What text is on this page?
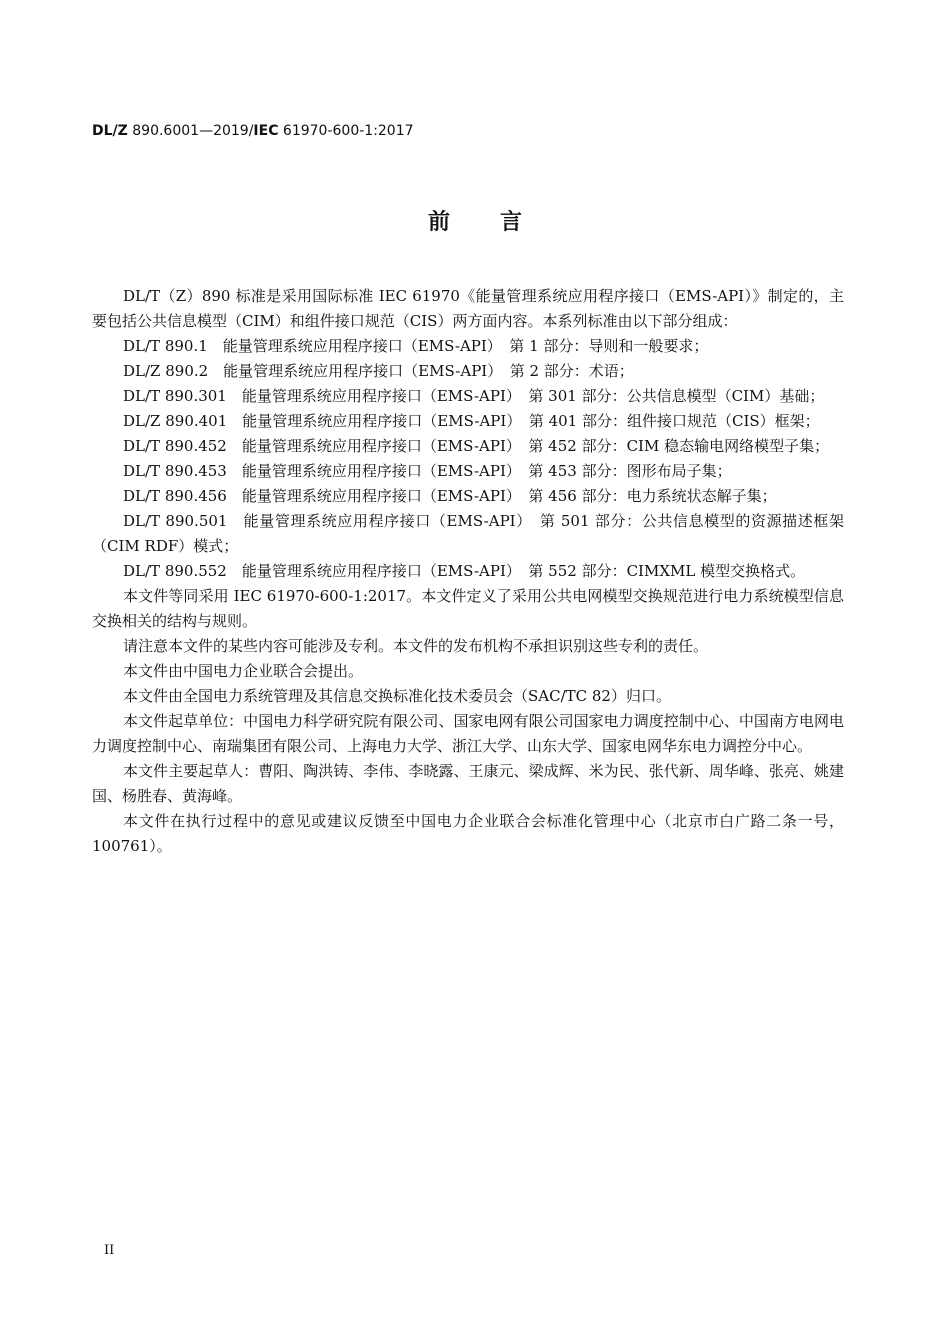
DL/Z 890.6001—2019/IEC 61970-600-1:2017
前言

DL/T（Z）890 标准是采用国际标准 IEC 61970《能量管理系统应用程序接口（EMS-API）》制定的，主要包括公共信息模型（CIM）和组件接口规范（CIS）两方面内容。本系列标准由以下部分组成：

DL/T 890.1　能量管理系统应用程序接口（EMS-API）　第 1 部分：导则和一般要求；

DL/Z 890.2　能量管理系统应用程序接口（EMS-API）　第 2 部分：术语；

DL/T 890.301　能量管理系统应用程序接口（EMS-API）　第 301 部分：公共信息模型（CIM）基础；

DL/Z 890.401　能量管理系统应用程序接口（EMS-API）　第 401 部分：组件接口规范（CIS）框架；

DL/T 890.452　能量管理系统应用程序接口（EMS-API）　第 452 部分：CIM 稳态输电网络模型子集；

DL/T 890.453　能量管理系统应用程序接口（EMS-API）　第 453 部分：图形布局子集；

DL/T 890.456　能量管理系统应用程序接口（EMS-API）　第 456 部分：电力系统状态解子集；

DL/T 890.501　能量管理系统应用程序接口（EMS-API）　第 501 部分：公共信息模型的资源描述框架（CIM RDF）模式；

DL/T 890.552　能量管理系统应用程序接口（EMS-API）　第 552 部分：CIMXML 模型交换格式。

本文件等同采用 IEC 61970-600-1:2017。本文件定义了采用公共电网模型交换规范进行电力系统模型信息交换相关的结构与规则。

请注意本文件的某些内容可能涉及专利。本文件的发布机构不承担识别这些专利的责任。

本文件由中国电力企业联合会提出。

本文件由全国电力系统管理及其信息交换标准化技术委员会（SAC/TC 82）归口。

本文件起草单位：中国电力科学研究院有限公司、国家电网有限公司国家电力调度控制中心、中国南方电网电力调度控制中心、南瑞集团有限公司、上海电力大学、浙江大学、山东大学、国家电网华东电力调控分中心。

本文件主要起草人：曹阳、陶洪铸、李伟、李晓露、王康元、梁成辉、米为民、张代新、周华峰、张亮、姚建国、杨胜春、黄海峰。

本文件在执行过程中的意见或建议反馈至中国电力企业联合会标准化管理中心（北京市白广路二条一号，100761）。

II
